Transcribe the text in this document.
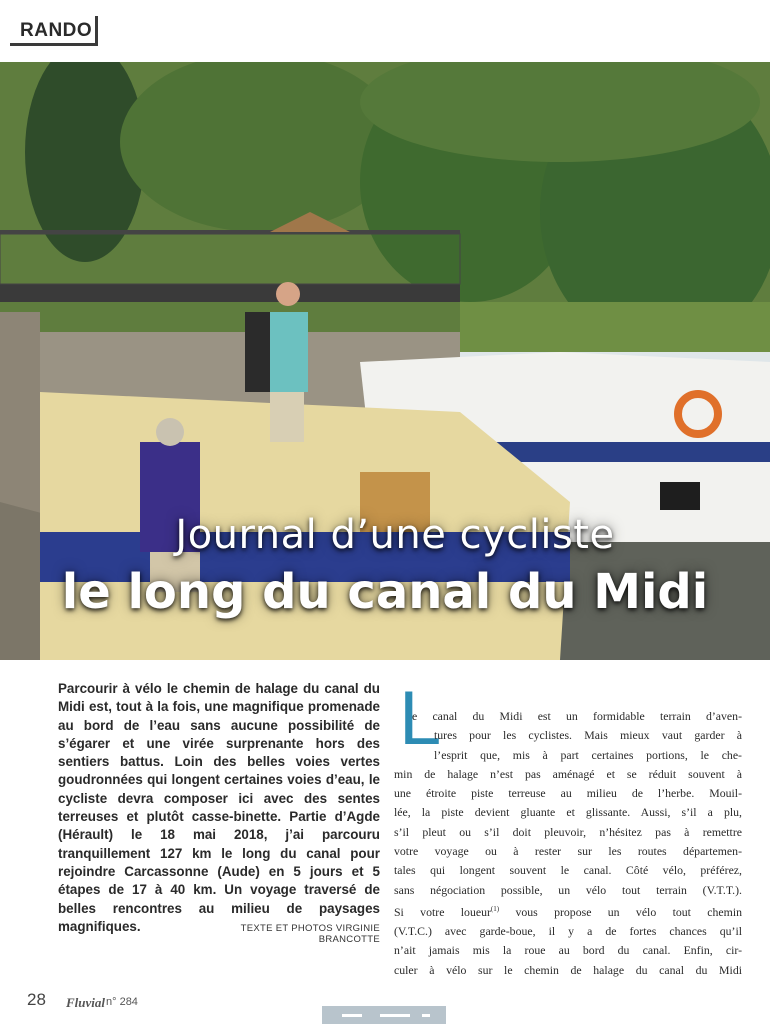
RANDO
Journal d’une cycliste
le long du canal du Midi
Parcourir à vélo le chemin de halage du canal du Midi est, tout à la fois, une magnifique promenade au bord de l’eau sans aucune possibilité de s’égarer et une virée surprenante hors des sentiers battus. Loin des belles voies vertes goudronnées qui longent certaines voies d’eau, le cycliste devra composer ici avec des sentes terreuses et plutôt casse-binette. Partie d’Agde (Hérault) le 18 mai 2018, j’ai parcouru tranquillement 127 km le long du canal pour rejoindre Carcassonne (Aude) en 5 jours et 5 étapes de 17 à 40 km. Un voyage traversé de belles rencontres au milieu de paysages magnifiques.	TEXTE ET PHOTOS VIRGINIE BRANCOTTE
L
e canal du Midi est un formidable terrain d’aven-
tures pour les cyclistes. Mais mieux vaut garder à
l’esprit que, mis à part certaines portions, le che-
min de halage n’est pas aménagé et se réduit souvent à
une étroite piste terreuse au milieu de l’herbe. Mouil-
lée, la piste devient gluante et glissante. Aussi, s’il a plu,
s’il pleut ou s’il doit pleuvoir, n’hésitez pas à remettre
votre voyage ou à rester sur les routes départemen-
tales qui longent souvent le canal. Côté vélo, préférez,
sans négociation possible, un vélo tout terrain (V.T.T.).
Si votre loueur$^{(1)}$ vous propose un vélo tout chemin
(V.T.C.) avec garde-boue, il y a de fortes chances qu’il
n’ait jamais mis la roue au bord du canal. Enfin, cir-
culer à vélo sur le chemin de halage du canal du Midi
28 Fluvial n° 284
